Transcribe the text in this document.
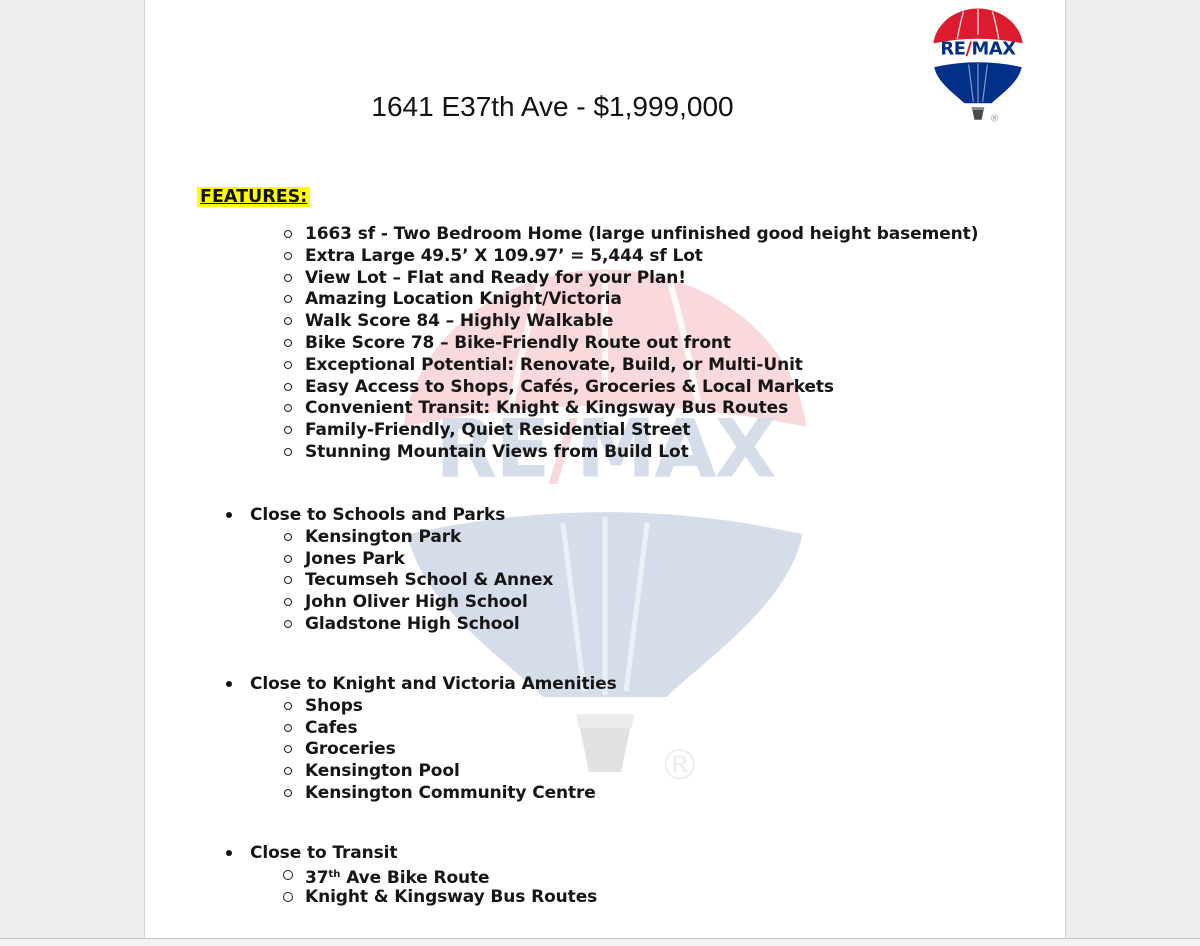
1641 E37th Ave - $1,999,000
FEATURES:
1663 sf - Two Bedroom Home (large unfinished good height basement)
Extra Large 49.5’ X 109.97’ = 5,444 sf Lot
View Lot – Flat and Ready for your Plan!
Amazing Location Knight/Victoria
Walk Score 84 – Highly Walkable
Bike Score 78 – Bike-Friendly Route out front
Exceptional Potential: Renovate, Build, or Multi-Unit
Easy Access to Shops, Cafés, Groceries & Local Markets
Convenient Transit: Knight & Kingsway Bus Routes
Family-Friendly, Quiet Residential Street
Stunning Mountain Views from Build Lot
Close to Schools and Parks
Kensington Park
Jones Park
Tecumseh School & Annex
John Oliver High School
Gladstone High School
Close to Knight and Victoria Amenities
Shops
Cafes
Groceries
Kensington Pool
Kensington Community Centre
Close to Transit
37th Ave Bike Route
Knight & Kingsway Bus Routes
